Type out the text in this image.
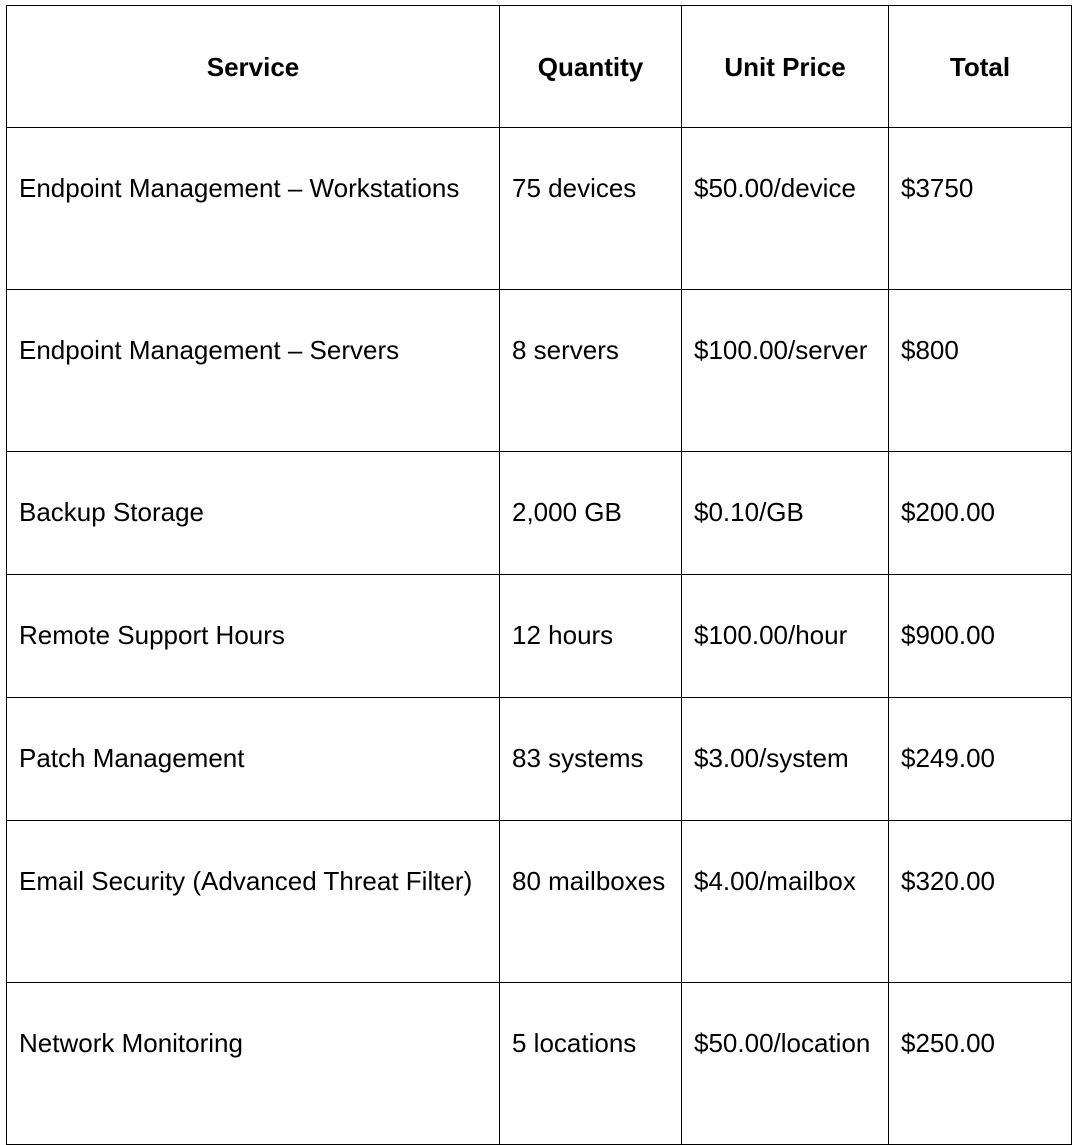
Service	Quantity	Unit Price	Total
Endpoint Management – Workstations	75 devices	$50.00/device	$3750
Endpoint Management – Servers	8 servers	$100.00/server	$800
Backup Storage	2,000 GB	$0.10/GB	$200.00
Remote Support Hours	12 hours	$100.00/hour	$900.00
Patch Management	83 systems	$3.00/system	$249.00
Email Security (Advanced Threat Filter)	80 mailboxes	$4.00/mailbox	$320.00
Network Monitoring	5 locations	$50.00/location	$250.00
